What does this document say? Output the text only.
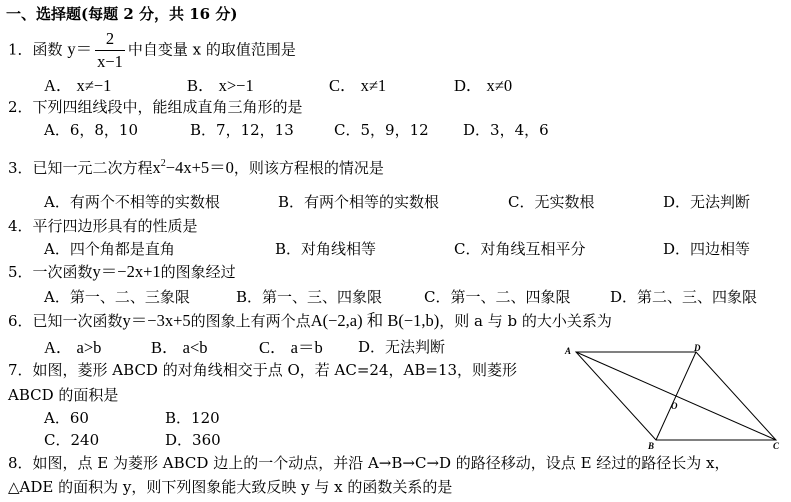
一、选择题(每题 2 分，共 16 分)
1．函数 $y= \frac{2}{x-1}$ 中自变量 x 的取值范围是
A． x≠−1	B． x>−1	C． x≠1	D． x≠0
2．下列四组线段中，能组成直角三角形的是
A．6，8，10	B．7，12，13	C．5，9，12 D．3，4，6
3．已知一元二次方程$x^2-4x+5=0$，则该方程根的情况是
A．有两个不相等的实数根	B．有两个相等的实数根	C．无实数根	D．无法判断
4．平行四边形具有的性质是
A．四个角都是直角	B．对角线相等	C．对角线互相平分	D．四边相等
5．一次函数y＝−2x+1的图象经过
A．第一、二、三象限	B．第一、三、四象限	C．第一、二、四象限	D．第二、三、四象限
6．已知一次函数y＝−3x+5的图象上有两个点A(−2,a) 和 B(−1,b)，则 a 与 b 的大小关系为
A． a>b	B． a<b	C． a＝b D．无法判断
7．如图，菱形 ABCD 的对角线相交于点 O，若 AC=24，AB=13，则菱形
ABCD 的面积是
A．60	B．120
C．240	D．360
A	D
B	C
O
8．如图，点 E 为菱形 ABCD 边上的一个动点，并沿 A→B→C→D 的路径移动，设点 E 经过的路径长为 x，
△ADE 的面积为 y，则下列图象能大致反映 y 与 x 的函数关系的是
